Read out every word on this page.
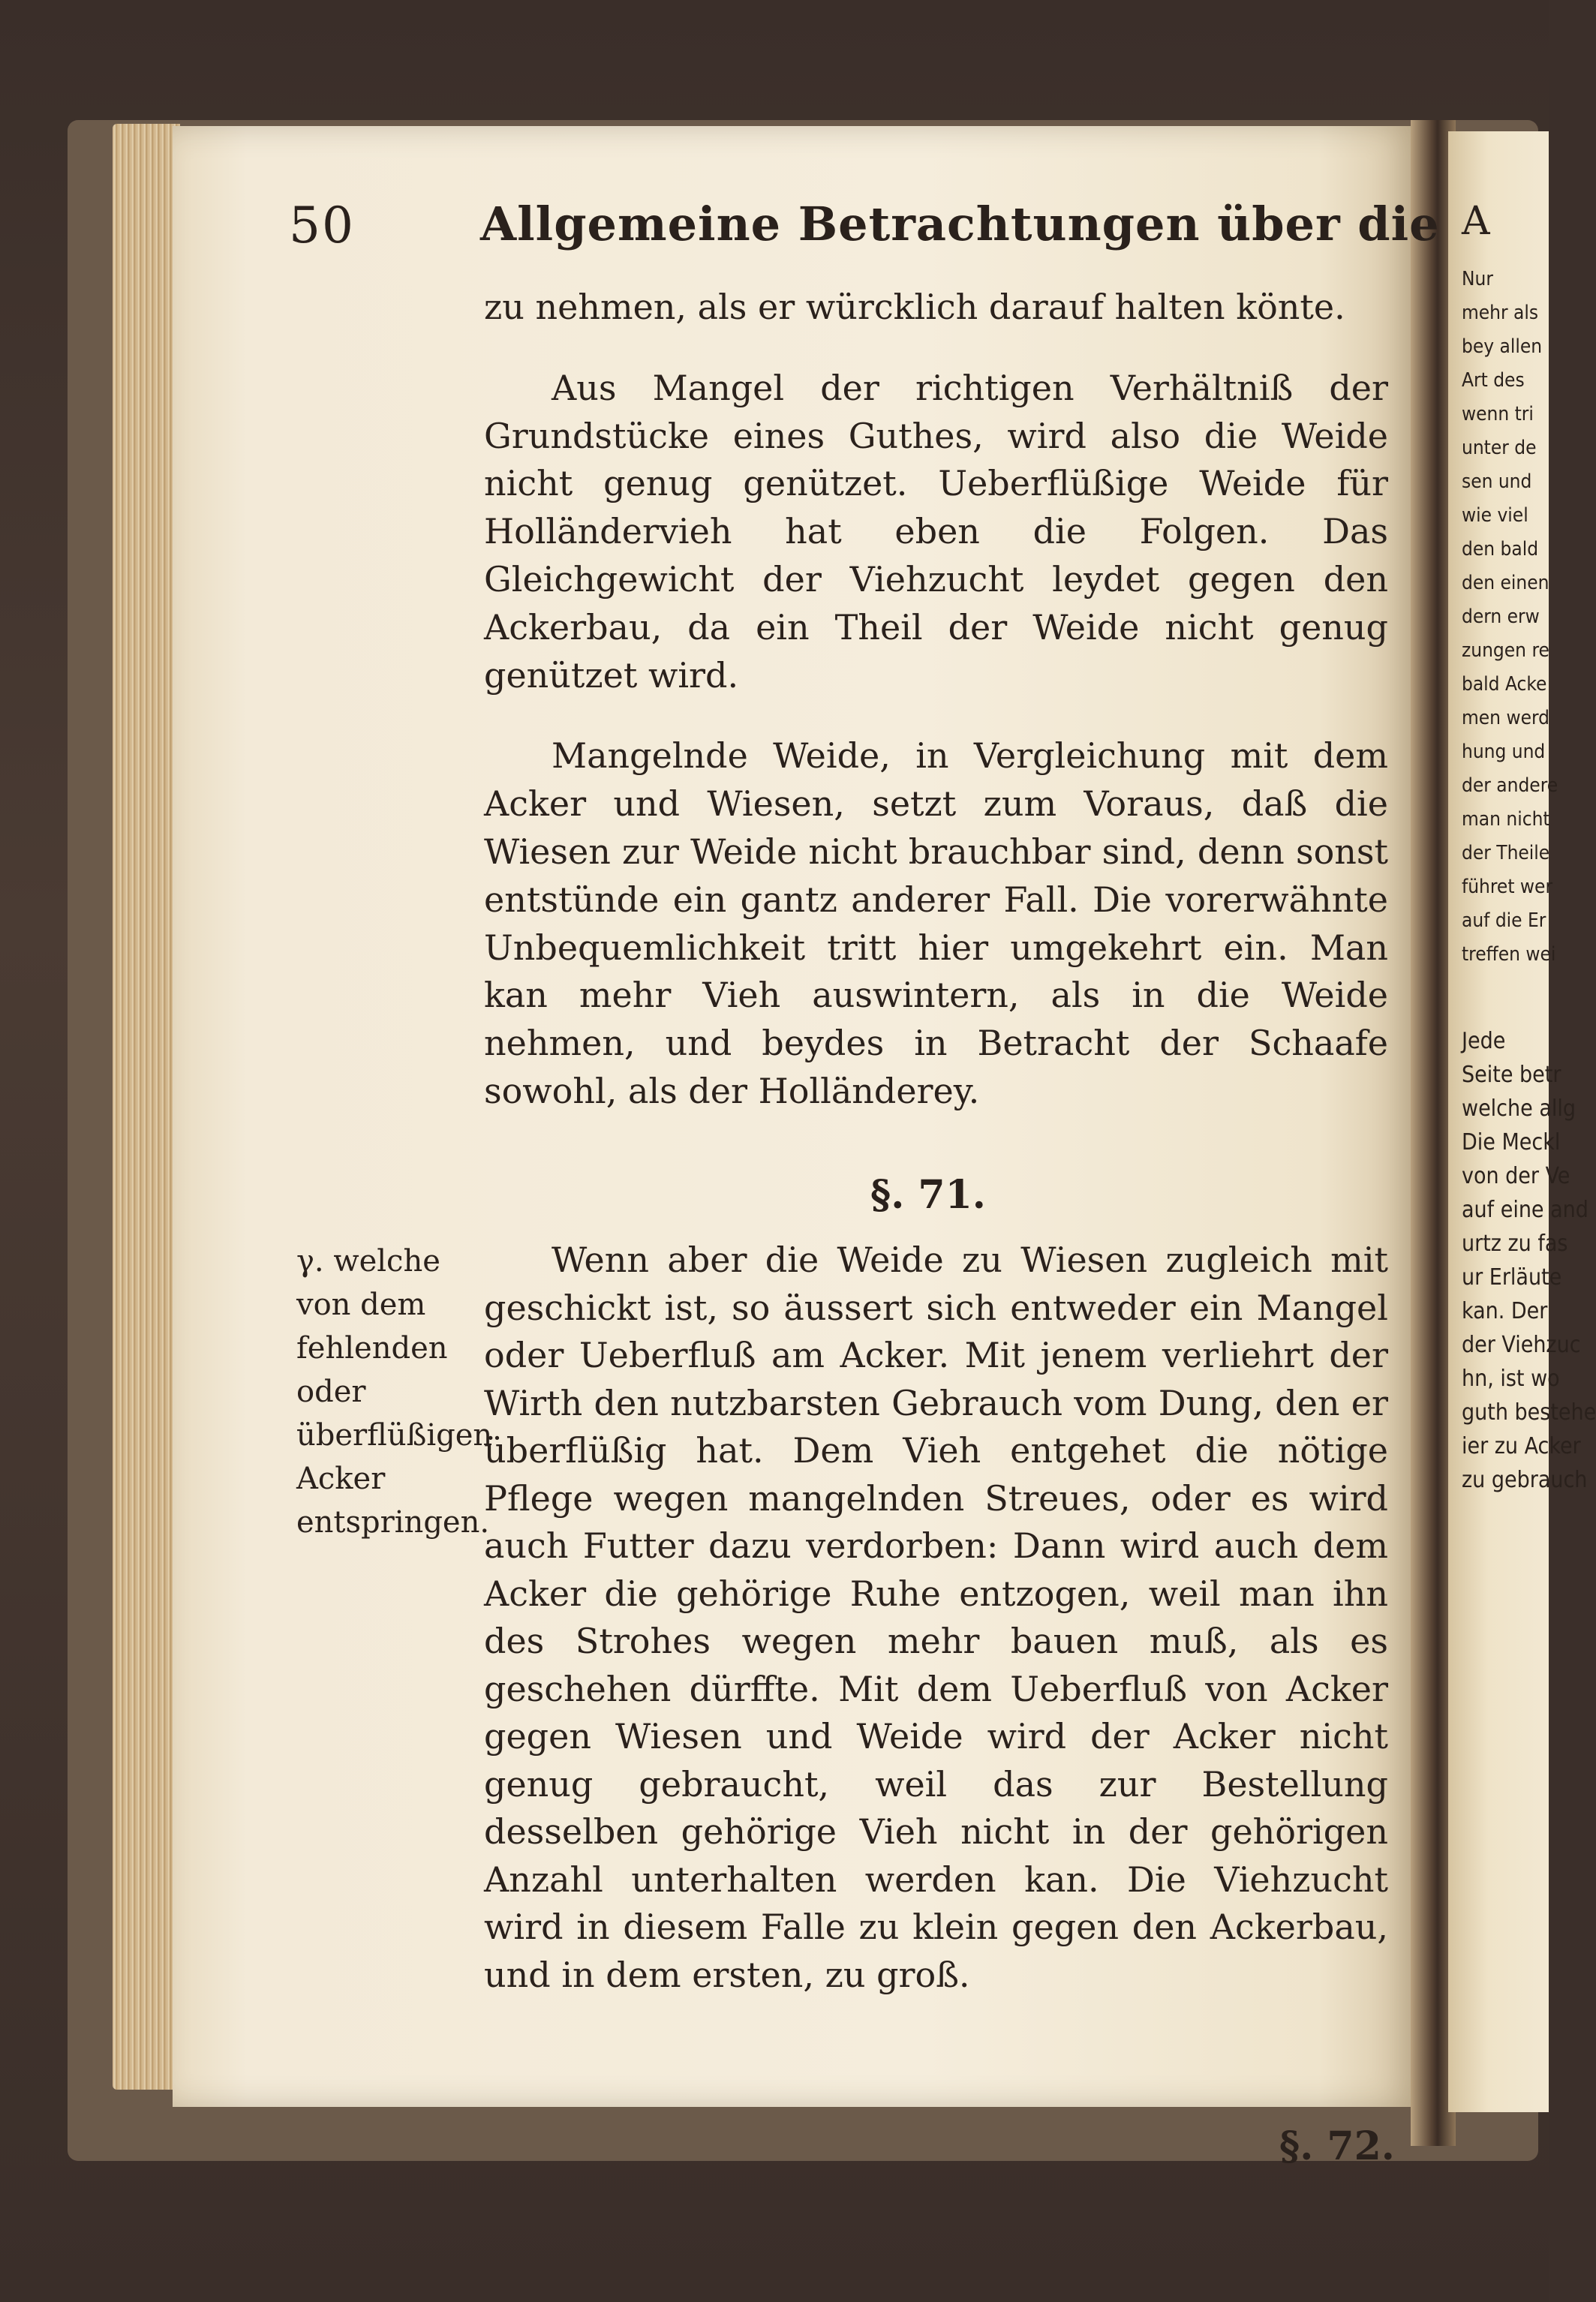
50	Allgemeine Betrachtungen über die

zu nehmen, als er würcklich darauf halten könte.

Aus Mangel der richtigen Verhältniß der Grundstücke eines Guthes, wird also die Weide nicht genug genützet. Ueberflüßige Weide für Holländervieh hat eben die Folgen. Das Gleichgewicht der Viehzucht leydet gegen den Ackerbau, da ein Theil der Weide nicht genug genützet wird.

Mangelnde Weide, in Vergleichung mit dem Acker und Wiesen, setzt zum Voraus, daß die Wiesen zur Weide nicht brauchbar sind, denn sonst entstünde ein gantz anderer Fall. Die vorerwähnte Unbequemlichkeit tritt hier umgekehrt ein. Man kan mehr Vieh auswintern, als in die Weide nehmen, und beydes in Betracht der Schaafe sowohl, als der Holländerey.

§. 71.
γ. welche von dem fehlenden oder überflüßigen Acker entspringen.

Wenn aber die Weide zu Wiesen zugleich mit geschickt ist, so äussert sich entweder ein Mangel oder Ueberfluß am Acker. Mit jenem verliehrt der Wirth den nutzbarsten Gebrauch vom Dung, den er überflüßig hat. Dem Vieh entgehet die nötige Pflege wegen mangelnden Streues, oder es wird auch Futter dazu verdorben: Dann wird auch dem Acker die gehörige Ruhe entzogen, weil man ihn des Strohes wegen mehr bauen muß, als es geschehen dürffte. Mit dem Ueberfluß von Acker gegen Wiesen und Weide wird der Acker nicht genug gebraucht, weil das zur Bestellung desselben gehörige Vieh nicht in der gehörigen Anzahl unterhalten werden kan. Die Viehzucht wird in diesem Falle zu klein gegen den Ackerbau, und in dem ersten, zu groß.

§. 72.
A
Nur
mehr als
bey allen
Art des
wenn tri
unter de
sen und
wie viel
den bald
den einen
dern erw
zungen re
bald Acke
men werd
hung und
der andere
man nicht
der Theile
führet wer
auf die Er
treffen wei
Jede
Seite betr
welche allg
Die Meckl
von der Ve
auf eine and
urtz zu fas
ur Erläute
kan. Der
der Viehzuc
hn, ist wo
guth bestehe
ier zu Acker
zu gebrauch
